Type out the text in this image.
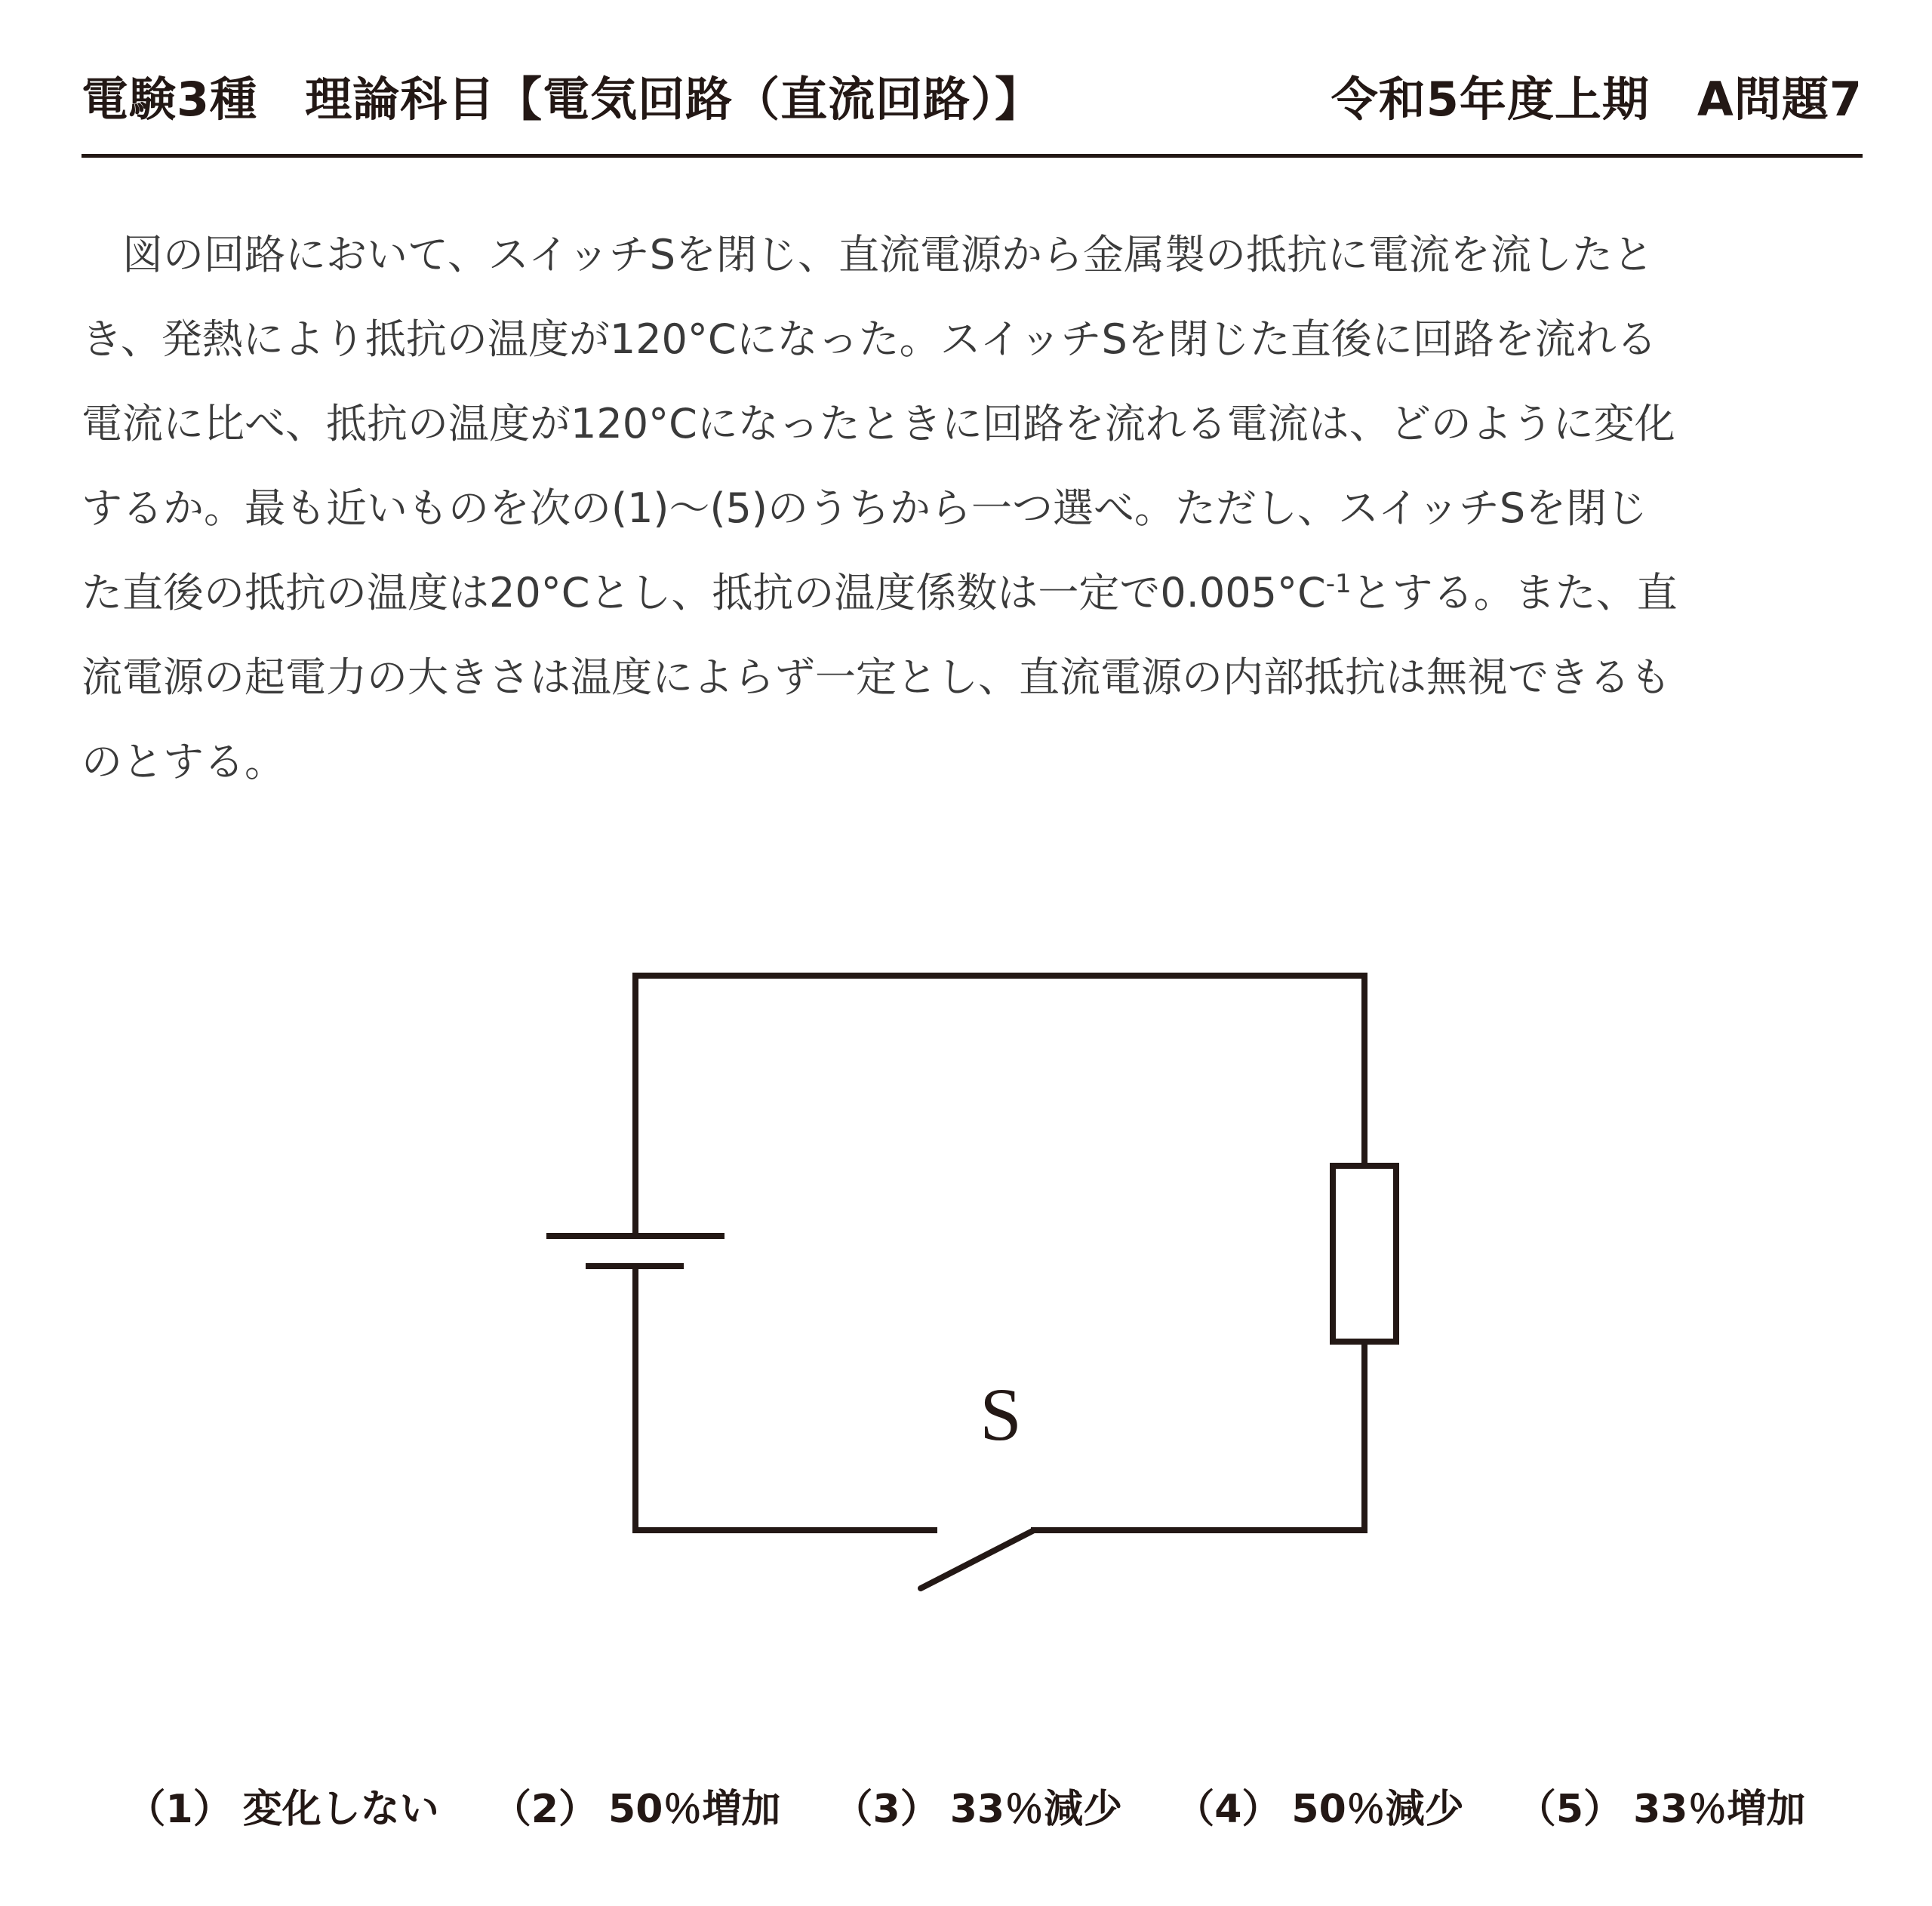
電験3種　理論科目【電気回路（直流回路）】	令和5年度上期　A問題7
図の回路において、スイッチSを閉じ、直流電源から金属製の抵抗に電流を流したと
き、発熱により抵抗の温度が120°Cになった。スイッチSを閉じた直後に回路を流れる
電流に比べ、抵抗の温度が120°Cになったときに回路を流れる電流は、どのように変化
するか。最も近いものを次の(1)〜(5)のうちから一つ選べ。ただし、スイッチSを閉じ
た直後の抵抗の温度は20°Cとし、抵抗の温度係数は一定で$0.005^\circ C^{-1}$とする。また、直
流電源の起電力の大きさは温度によらず一定とし、直流電源の内部抵抗は無視できるも
のとする。
S
（1） 変化しない （2） 50％増加 （3） 33％減少 （4） 50％減少 （5） 33％増加
